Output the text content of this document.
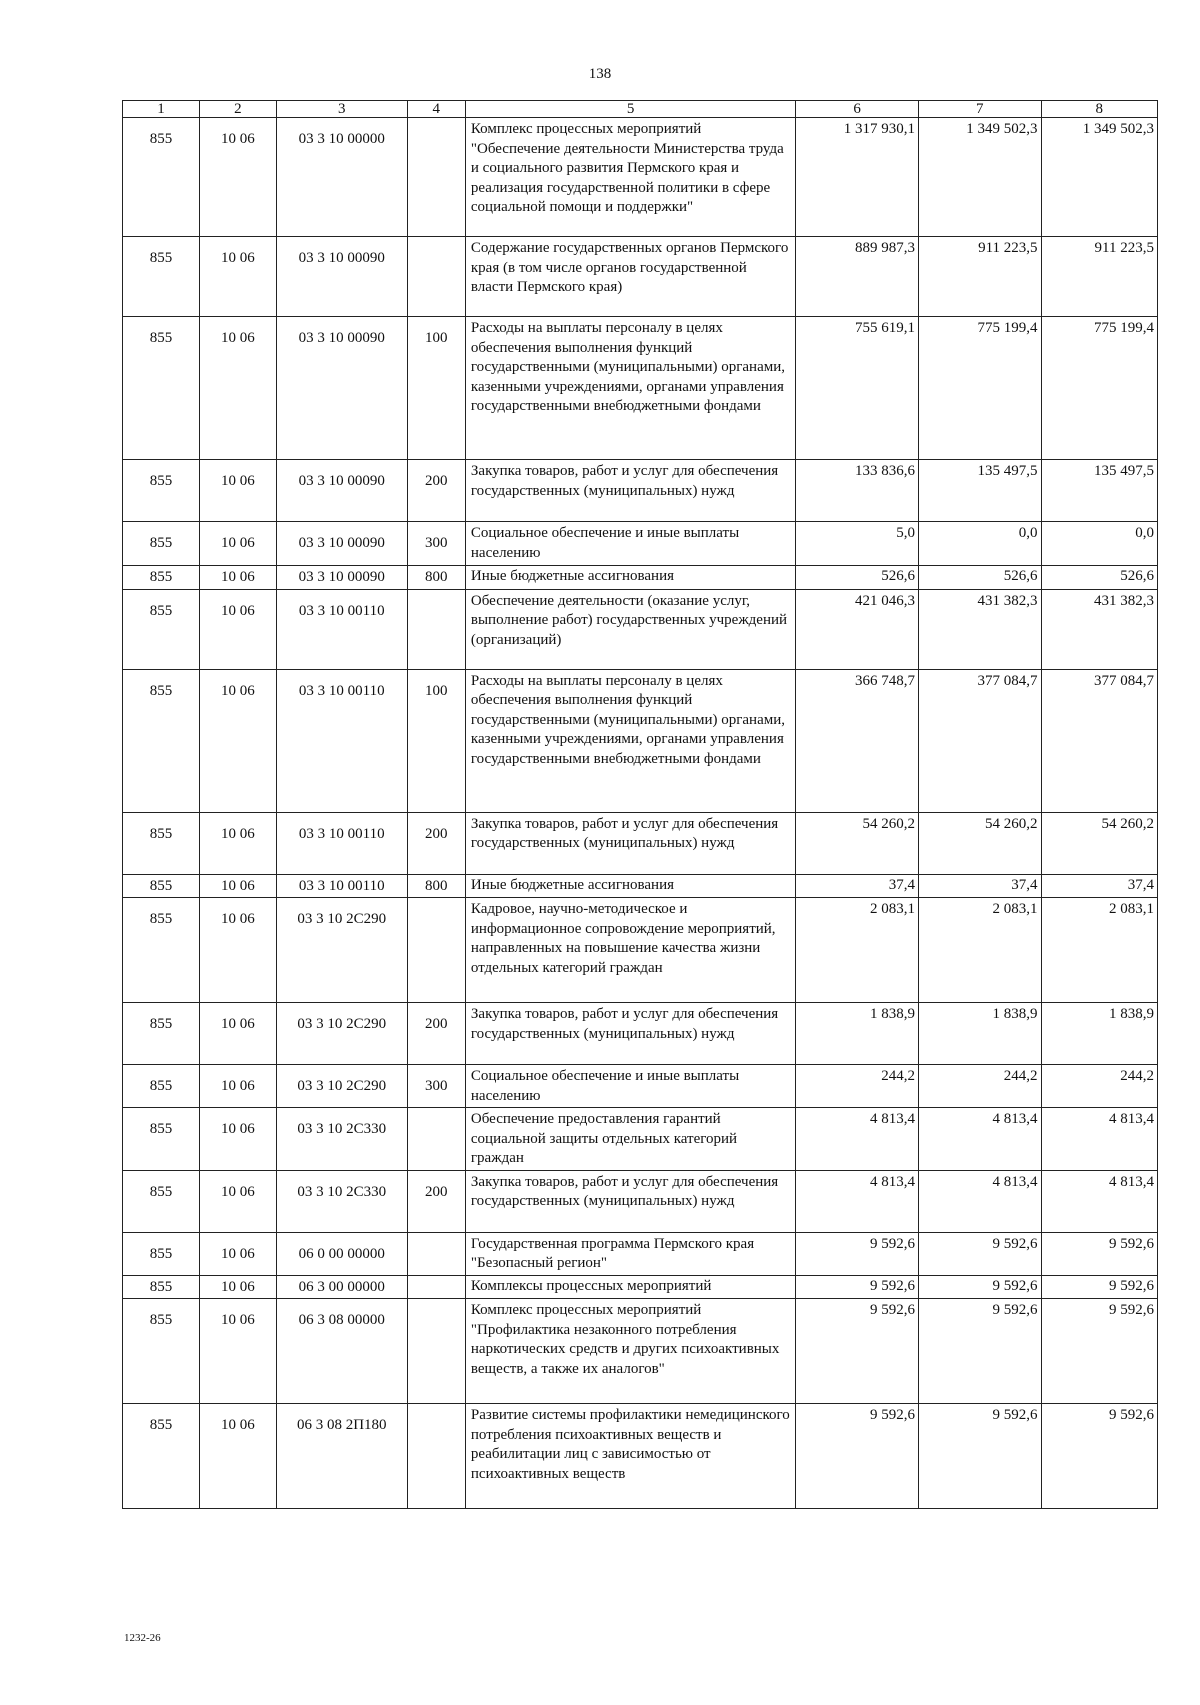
138
1	2	3	4	5	6	7	8
855	10 06	03 3 10 00000		Комплекс процессных мероприятий "Обеспечение деятельности Министерства труда и социального развития Пермского края и реализация государственной политики в сфере социальной помощи и поддержки"	1 317 930,1	1 349 502,3	1 349 502,3
855	10 06	03 3 10 00090		Содержание государственных органов Пермского края (в том числе органов государственной власти Пермского края)	889 987,3	911 223,5	911 223,5
855	10 06	03 3 10 00090	100	Расходы на выплаты персоналу в целях обеспечения выполнения функций государственными (муниципальными) органами, казенными учреждениями, органами управления государственными внебюджетными фондами	755 619,1	775 199,4	775 199,4
855	10 06	03 3 10 00090	200	Закупка товаров, работ и услуг для обеспечения государственных (муниципальных) нужд	133 836,6	135 497,5	135 497,5
855	10 06	03 3 10 00090	300	Социальное обеспечение и иные выплаты населению	5,0	0,0	0,0
855	10 06	03 3 10 00090	800	Иные бюджетные ассигнования	526,6	526,6	526,6
855	10 06	03 3 10 00110		Обеспечение деятельности (оказание услуг, выполнение работ) государственных учреждений (организаций)	421 046,3	431 382,3	431 382,3
855	10 06	03 3 10 00110	100	Расходы на выплаты персоналу в целях обеспечения выполнения функций государственными (муниципальными) органами, казенными учреждениями, органами управления государственными внебюджетными фондами	366 748,7	377 084,7	377 084,7
855	10 06	03 3 10 00110	200	Закупка товаров, работ и услуг для обеспечения государственных (муниципальных) нужд	54 260,2	54 260,2	54 260,2
855	10 06	03 3 10 00110	800	Иные бюджетные ассигнования	37,4	37,4	37,4
855	10 06	03 3 10 2С290		Кадровое, научно-методическое и информационное сопровождение мероприятий, направленных на повышение качества жизни отдельных категорий граждан	2 083,1	2 083,1	2 083,1
855	10 06	03 3 10 2С290	200	Закупка товаров, работ и услуг для обеспечения государственных (муниципальных) нужд	1 838,9	1 838,9	1 838,9
855	10 06	03 3 10 2С290	300	Социальное обеспечение и иные выплаты населению	244,2	244,2	244,2
855	10 06	03 3 10 2С330		Обеспечение предоставления гарантий социальной защиты отдельных категорий граждан	4 813,4	4 813,4	4 813,4
855	10 06	03 3 10 2С330	200	Закупка товаров, работ и услуг для обеспечения государственных (муниципальных) нужд	4 813,4	4 813,4	4 813,4
855	10 06	06 0 00 00000		Государственная программа Пермского края "Безопасный регион"	9 592,6	9 592,6	9 592,6
855	10 06	06 3 00 00000		Комплексы процессных мероприятий	9 592,6	9 592,6	9 592,6
855	10 06	06 3 08 00000		Комплекс процессных мероприятий "Профилактика незаконного потребления наркотических средств и других психоактивных веществ, а также их аналогов"	9 592,6	9 592,6	9 592,6
855	10 06	06 3 08 2П180		Развитие системы профилактики немедицинского потребления психоактивных веществ и реабилитации лиц с зависимостью от психоактивных веществ	9 592,6	9 592,6	9 592,6
1232-26
